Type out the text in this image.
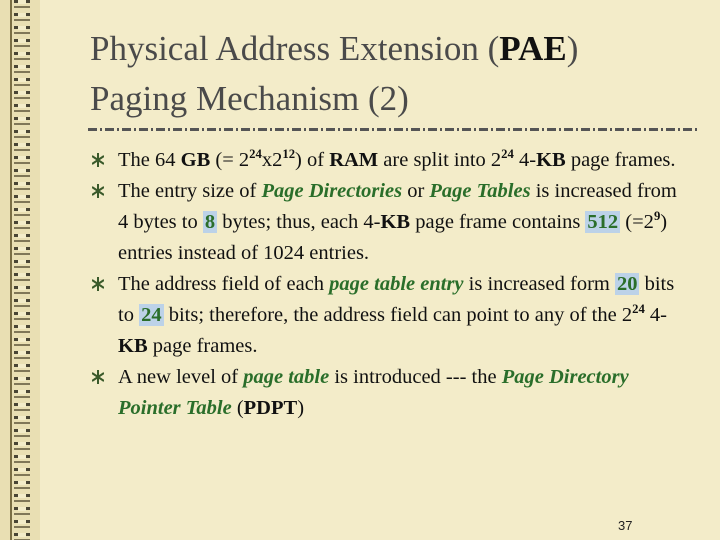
Physical Address Extension (PAE)
Paging Mechanism (2)
The 64 GB (= $2^{24}x2^{12}$) of RAM are split into $2^{24}$ 4-KB page frames.
The entry size of Page Directories or Page Tables is increased from 4 bytes to 8 bytes; thus, each 4-KB page frame contains 512 $(=2^9)$ entries instead of 1024 entries.
The address field of each page table entry is increased form 20 bits to 24 bits; therefore, the address field can point to any of the $2^{24}$ 4-KB page frames.
A new level of page table is introduced --- the Page Directory Pointer Table (PDPT)
37
